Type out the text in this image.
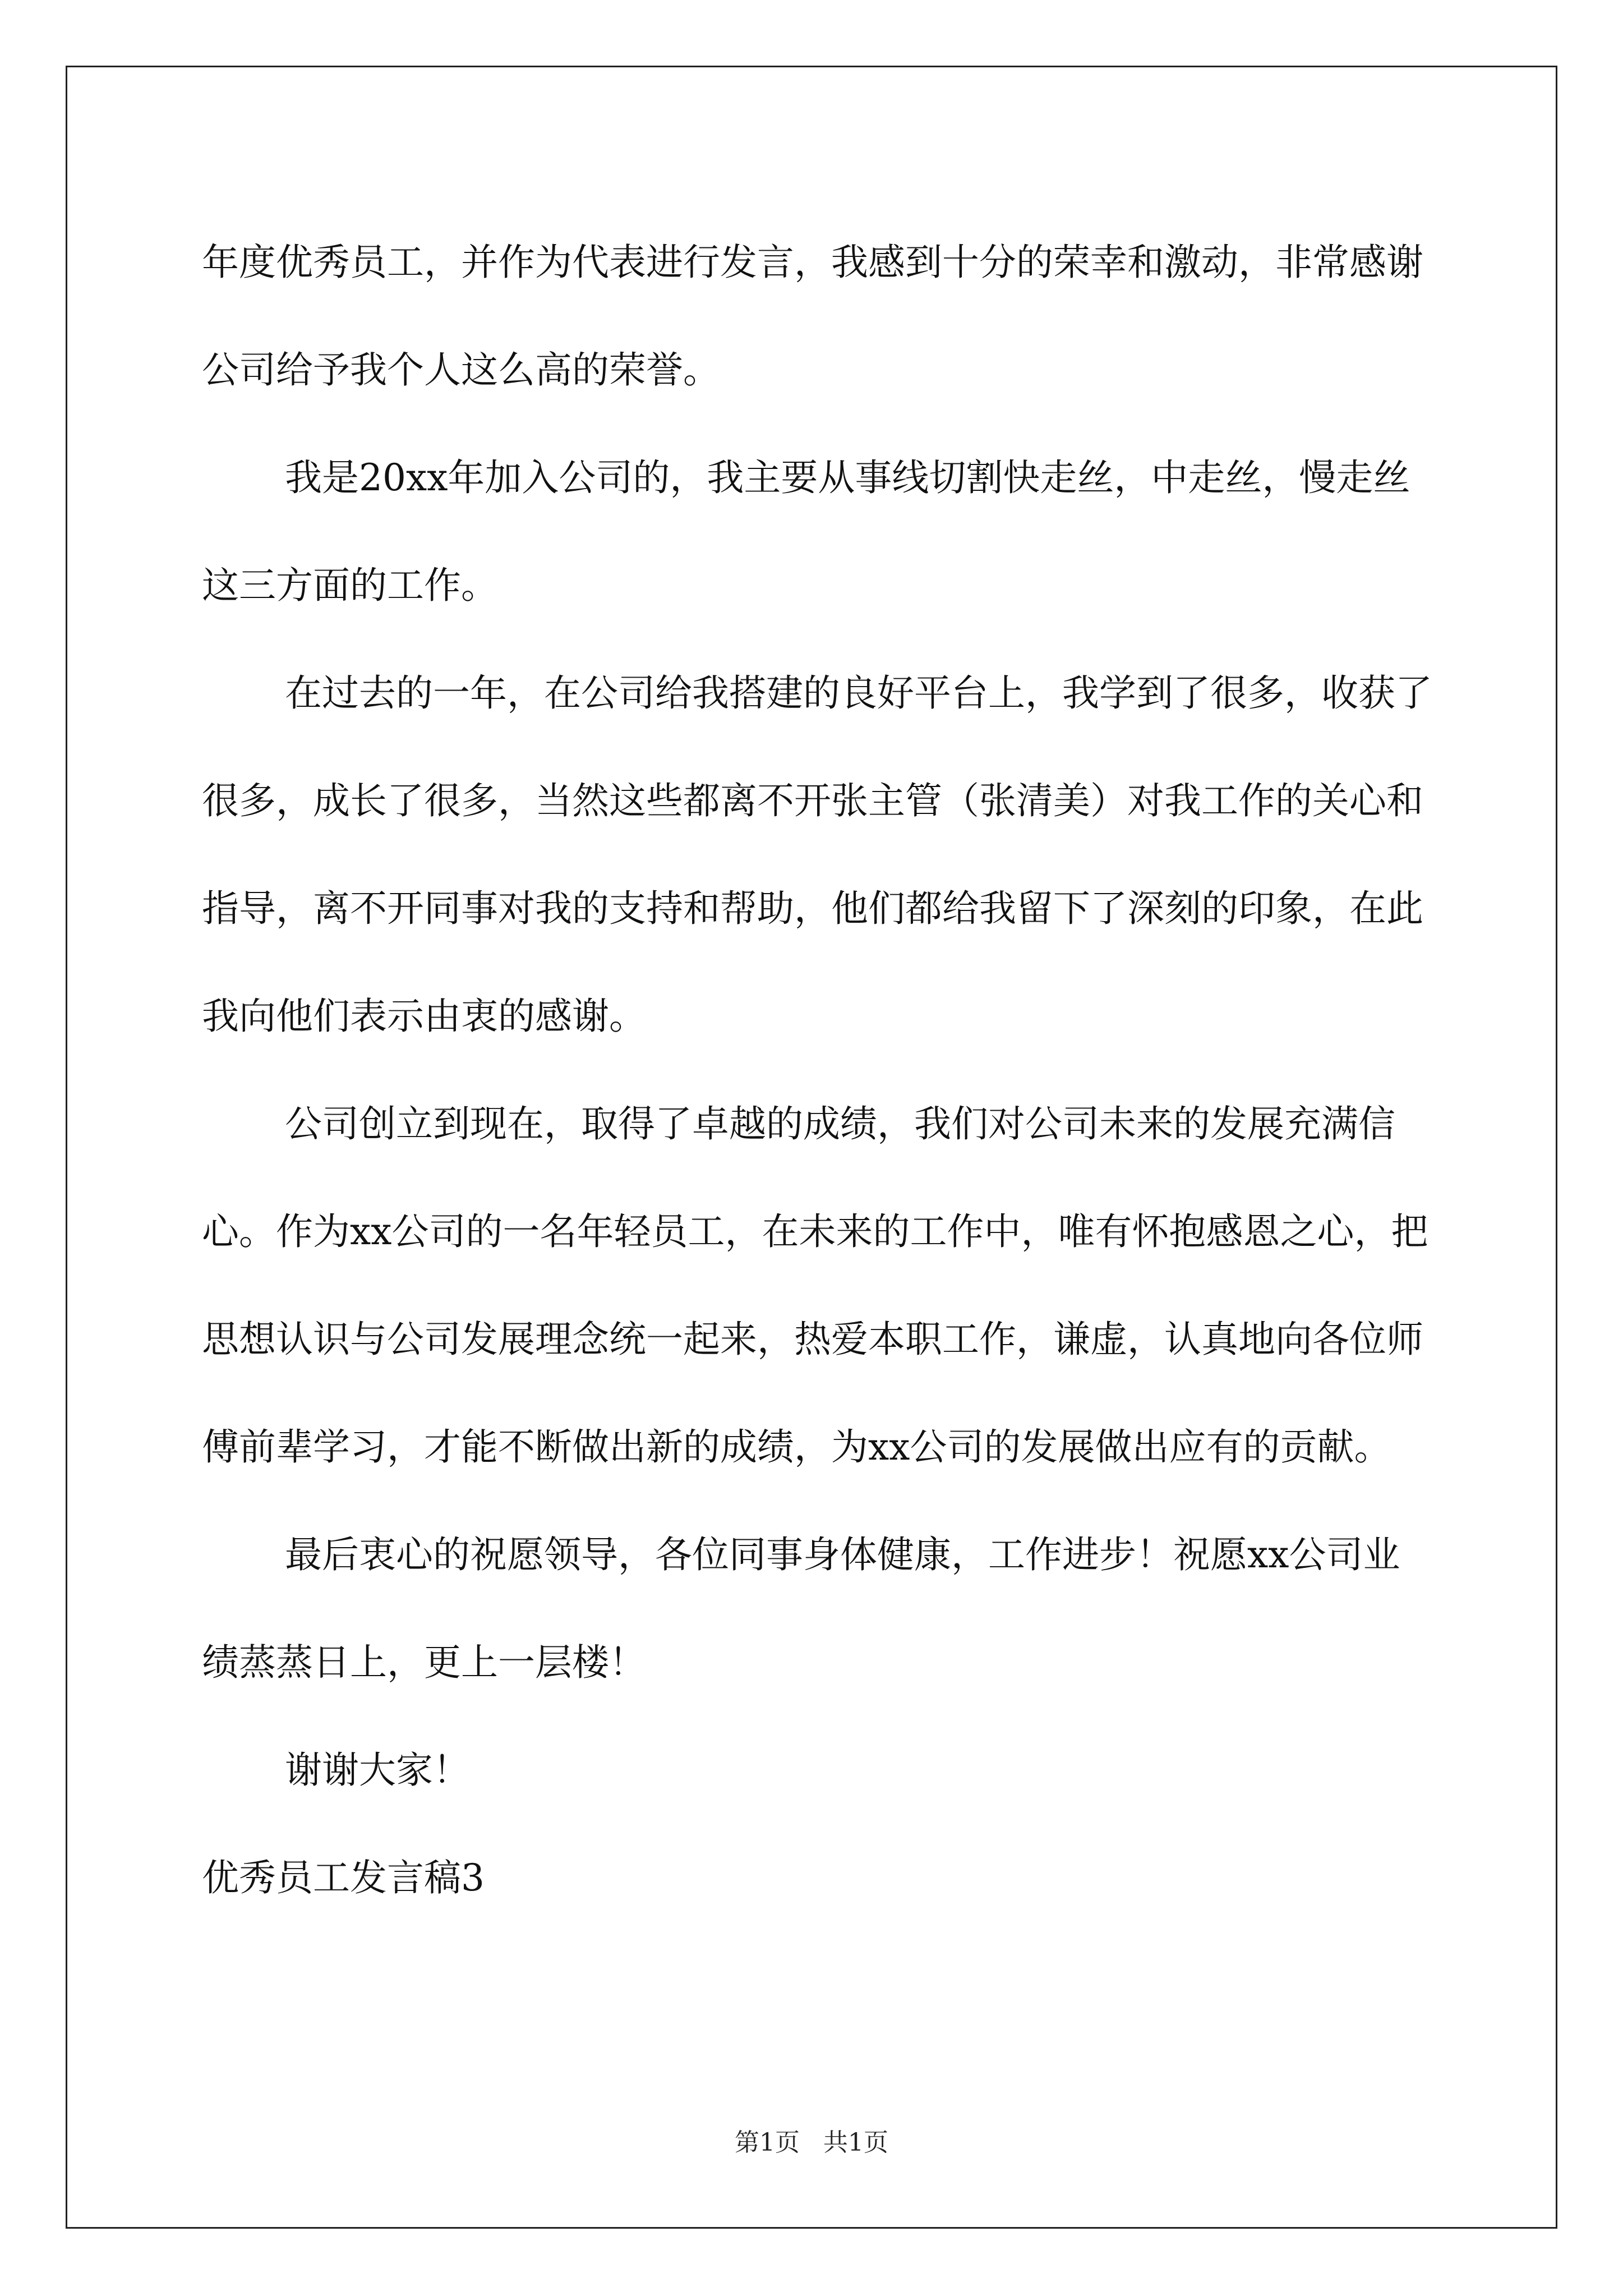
年度优秀员工，并作为代表进行发言，我感到十分的荣幸和激动，非常感谢公司给予我个人这么高的荣誉。

我是20xx年加入公司的，我主要从事线切割快走丝，中走丝，慢走丝这三方面的工作。

在过去的一年，在公司给我搭建的良好平台上，我学到了很多，收获了很多，成长了很多，当然这些都离不开张主管（张清美）对我工作的关心和指导，离不开同事对我的支持和帮助，他们都给我留下了深刻的印象，在此我向他们表示由衷的感谢。

公司创立到现在，取得了卓越的成绩，我们对公司未来的发展充满信心。作为xx公司的一名年轻员工，在未来的工作中，唯有怀抱感恩之心，把思想认识与公司发展理念统一起来，热爱本职工作，谦虚，认真地向各位师傅前辈学习，才能不断做出新的成绩，为xx公司的发展做出应有的贡献。

最后衷心的祝愿领导，各位同事身体健康，工作进步！祝愿xx公司业绩蒸蒸日上，更上一层楼！

谢谢大家！

优秀员工发言稿3

第1页 共1页
